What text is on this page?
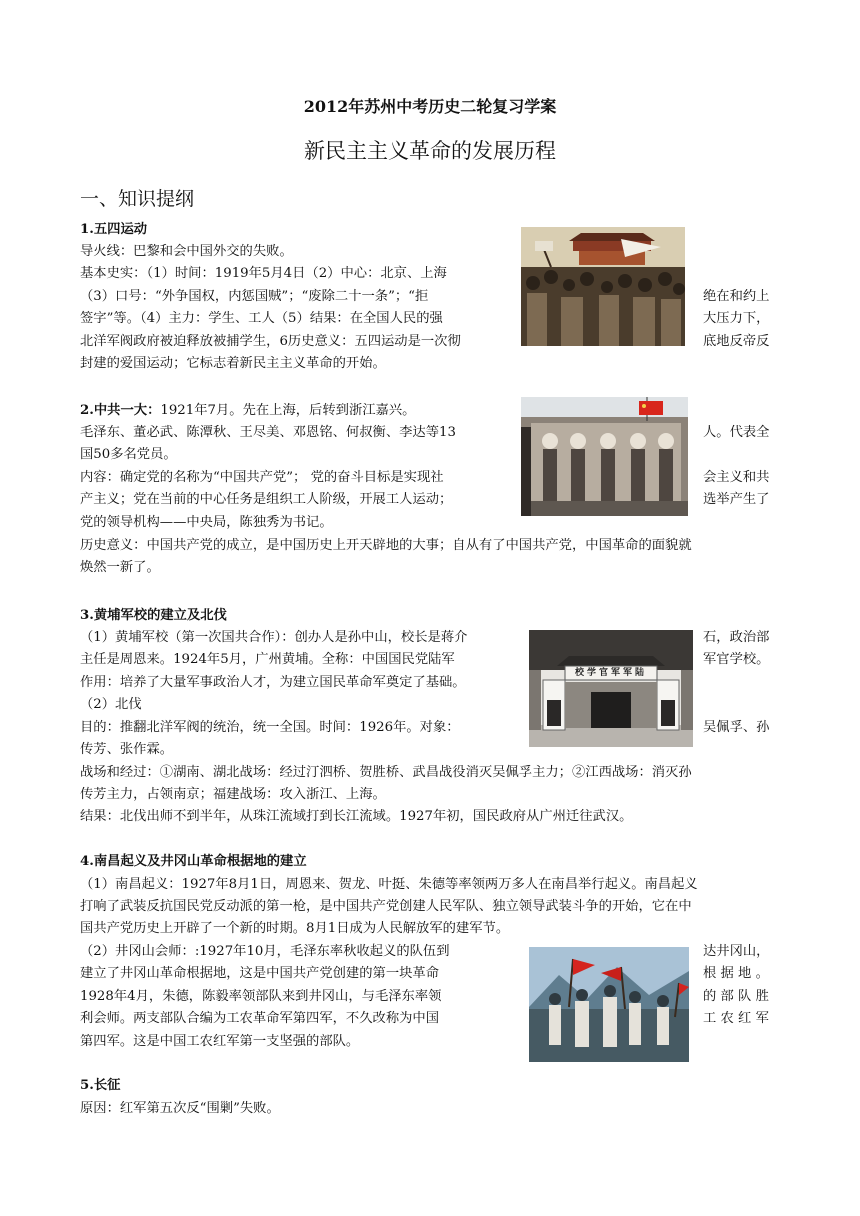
2012年苏州中考历史二轮复习学案
新民主主义革命的发展历程
一、知识提纲
1.五四运动
导火线：巴黎和会中国外交的失败。
基本史实：（1）时间：1919年5月4日（2）中心：北京、上海
（3）口号：“外争国权，内惩国贼”；“废除二十一条”；“拒	绝在和约上
签字”等。（4）主力：学生、工人（5）结果：在全国人民的强	大压力下，
北洋军阀政府被迫释放被捕学生，6历史意义：五四运动是一次彻	底地反帝反
封建的爱国运动；它标志着新民主主义革命的开始。
2.中共一大：1921年7月。先在上海，后转到浙江嘉兴。
毛泽东、董必武、陈潭秋、王尽美、邓恩铭、何叔衡、李达等13	人。代表全
国50多名党员。
内容：确定党的名称为“中国共产党”； 党的奋斗目标是实现社	会主义和共
产主义；党在当前的中心任务是组织工人阶级，开展工人运动；	选举产生了
党的领导机构——中央局，陈独秀为书记。
历史意义：中国共产党的成立，是中国历史上开天辟地的大事；自从有了中国共产党，中国革命的面貌就
焕然一新了。
3.黄埔军校的建立及北伐
（1）黄埔军校（第一次国共合作）：创办人是孙中山，校长是蒋介	石，政治部
主任是周恩来。1924年5月，广州黄埔。全称：中国国民党陆军	军官学校。
作用：培养了大量军事政治人才，为建立国民革命军奠定了基础。
（2）北伐
目的：推翻北洋军阀的统治，统一全国。时间：1926年。对象：	吴佩孚、孙
传芳、张作霖。
战场和经过：①湖南、湖北战场：经过汀泗桥、贺胜桥、武昌战役消灭吴佩孚主力；②江西战场：消灭孙
传芳主力，占领南京；福建战场：攻入浙江、上海。
结果：北伐出师不到半年，从珠江流域打到长江流域。1927年初，国民政府从广州迁往武汉。
校学官军军陆
4.南昌起义及井冈山革命根据地的建立
（1）南昌起义：1927年8月1日，周恩来、贺龙、叶挺、朱德等率领两万多人在南昌举行起义。南昌起义
打响了武装反抗国民党反动派的第一枪，是中国共产党创建人民军队、独立领导武装斗争的开始，它在中
国共产党历史上开辟了一个新的时期。8月1日成为人民解放军的建军节。
（2）井冈山会师：:1927年10月，毛泽东率秋收起义的队伍到	达井冈山，
建立了井冈山革命根据地，这是中国共产党创建的第一块革命	根 据 地 。
1928年4月，朱德，陈毅率领部队来到井冈山，与毛泽东率领	的 部 队 胜
利会师。两支部队合编为工农革命军第四军，不久改称为中国	工 农 红 军
第四军。这是中国工农红军第一支坚强的部队。
5.长征
原因：红军第五次反“围剿”失败。
